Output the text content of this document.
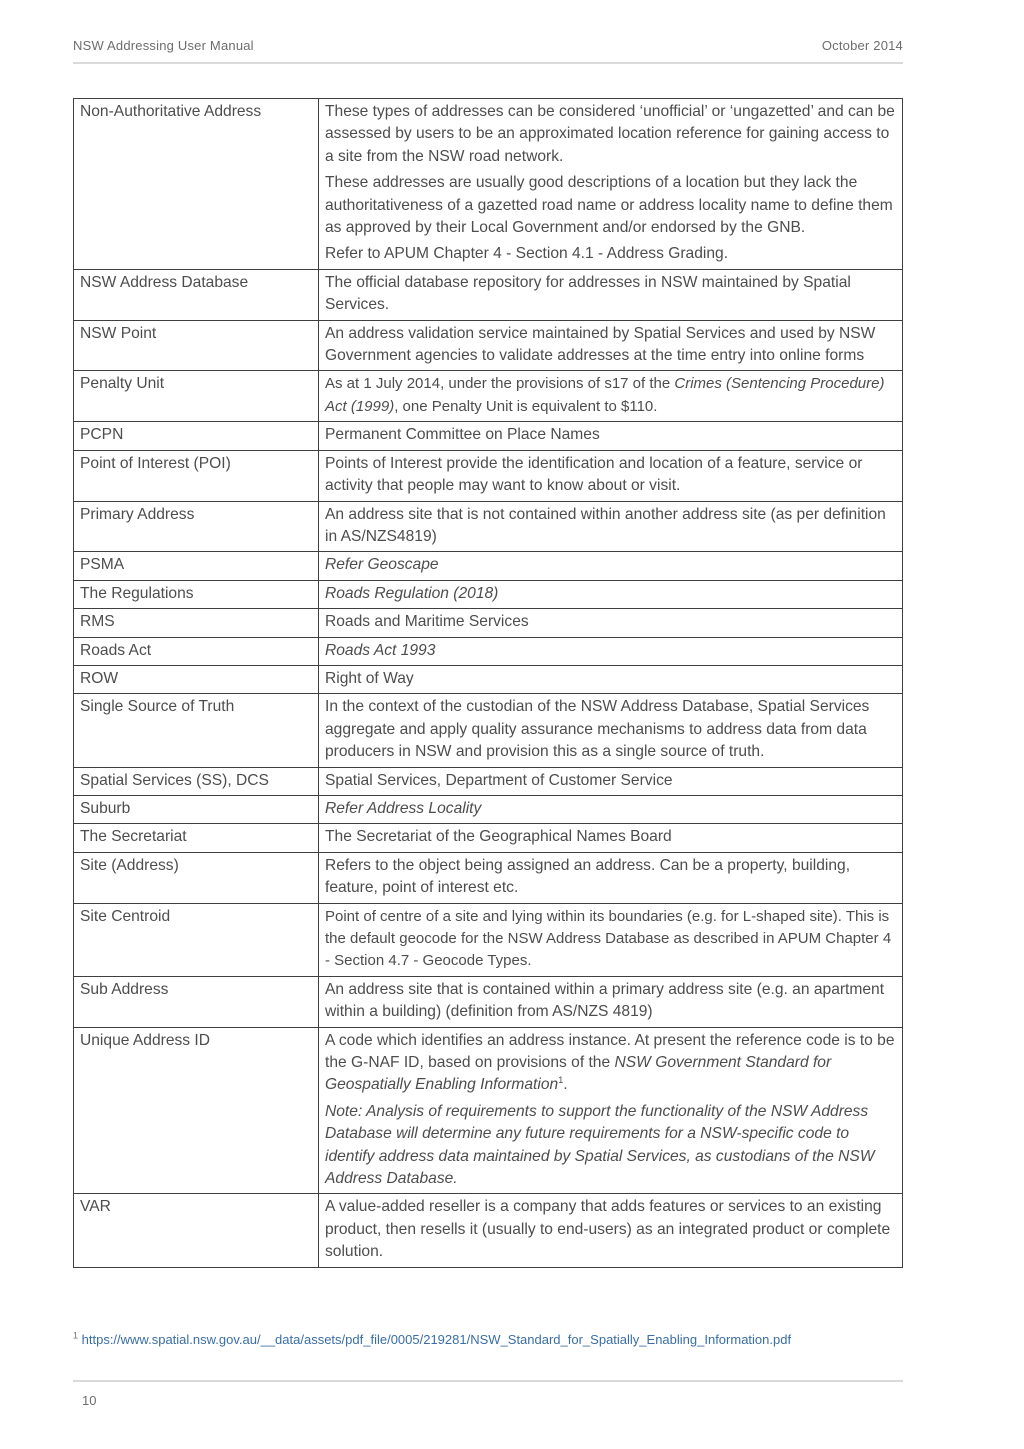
NSW Addressing User Manual	October 2014
Non-Authoritative Address	These types of addresses can be considered ‘unofficial’ or ‘ungazetted’ and can be assessed by users to be an approximated location reference for gaining access to a site from the NSW road network.

These addresses are usually good descriptions of a location but they lack the authoritativeness of a gazetted road name or address locality name to define them as approved by their Local Government and/or endorsed by the GNB.

Refer to APUM Chapter 4 - Section 4.1 - Address Grading.

NSW Address Database	The official database repository for addresses in NSW maintained by Spatial Services.
NSW Point	An address validation service maintained by Spatial Services and used by NSW Government agencies to validate addresses at the time entry into online forms
Penalty Unit	As at 1 July 2014, under the provisions of s17 of the Crimes (Sentencing Procedure) Act (1999), one Penalty Unit is equivalent to $110.
PCPN	Permanent Committee on Place Names
Point of Interest (POI)	Points of Interest provide the identification and location of a feature, service or activity that people may want to know about or visit.
Primary Address	An address site that is not contained within another address site (as per definition in AS/NZS4819)
PSMA	Refer Geoscape
The Regulations	Roads Regulation (2018)
RMS	Roads and Maritime Services
Roads Act	Roads Act 1993
ROW	Right of Way
Single Source of Truth	In the context of the custodian of the NSW Address Database, Spatial Services aggregate and apply quality assurance mechanisms to address data from data producers in NSW and provision this as a single source of truth.
Spatial Services (SS), DCS	Spatial Services, Department of Customer Service
Suburb	Refer Address Locality
The Secretariat	The Secretariat of the Geographical Names Board
Site (Address)	Refers to the object being assigned an address. Can be a property, building, feature, point of interest etc.
Site Centroid	Point of centre of a site and lying within its boundaries (e.g. for L-shaped site). This is the default geocode for the NSW Address Database as described in APUM Chapter 4 - Section 4.7 - Geocode Types.
Sub Address	An address site that is contained within a primary address site (e.g. an apartment within a building) (definition from AS/NZS 4819)
Unique Address ID	A code which identifies an address instance. At present the reference code is to be the G-NAF ID, based on provisions of the NSW Government Standard for Geospatially Enabling Information$^1$.

Note: Analysis of requirements to support the functionality of the NSW Address Database will determine any future requirements for a NSW-specific code to identify address data maintained by Spatial Services, as custodians of the NSW Address Database.

VAR	A value-added reseller is a company that adds features or services to an existing product, then resells it (usually to end-users) as an integrated product or complete solution.
$^1$ https://www.spatial.nsw.gov.au/__data/assets/pdf_file/0005/219281/NSW_Standard_for_Spatially_Enabling_Information.pdf
10
